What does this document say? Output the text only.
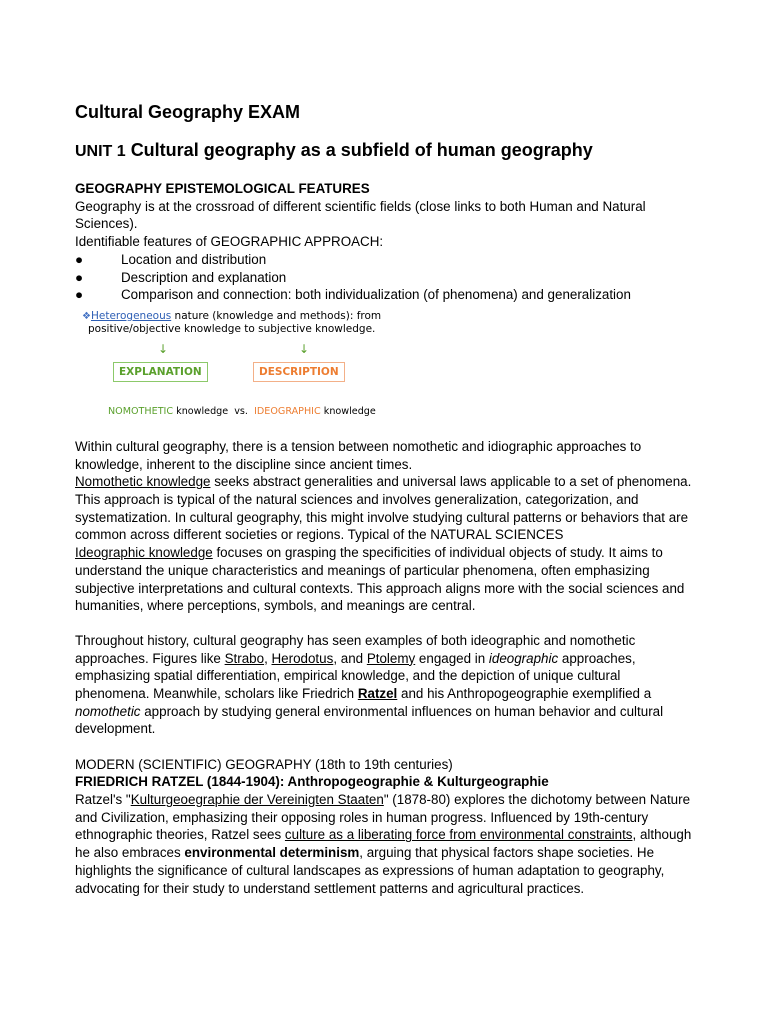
Cultural Geography EXAM
UNIT 1 Cultural geography as a subfield of human geography

GEOGRAPHY EPISTEMOLOGICAL FEATURES

Geography is at the crossroad of different scientific fields (close links to both Human and Natural Sciences).

Identifiable features of GEOGRAPHIC APPROACH:

●	Location and distribution
●	Description and explanation
●	Comparison and connection: both individualization (of phenomena) and generalization
❖Heterogeneous nature (knowledge and methods): from
positive/objective knowledge to subjective knowledge.
↓	↓
EXPLANATION	DESCRIPTION
NOMOTHETIC knowledge  vs.  IDEOGRAPHIC knowledge

Within cultural geography, there is a tension between nomothetic and idiographic approaches to knowledge, inherent to the discipline since ancient times.

Nomothetic knowledge seeks abstract generalities and universal laws applicable to a set of phenomena. This approach is typical of the natural sciences and involves generalization, categorization, and systematization. In cultural geography, this might involve studying cultural patterns or behaviors that are common across different societies or regions. Typical of the NATURAL SCIENCES

Ideographic knowledge focuses on grasping the specificities of individual objects of study. It aims to understand the unique characteristics and meanings of particular phenomena, often emphasizing subjective interpretations and cultural contexts. This approach aligns more with the social sciences and humanities, where perceptions, symbols, and meanings are central.

Throughout history, cultural geography has seen examples of both ideographic and nomothetic approaches. Figures like Strabo, Herodotus, and Ptolemy engaged in ideographic approaches, emphasizing spatial differentiation, empirical knowledge, and the depiction of unique cultural phenomena. Meanwhile, scholars like Friedrich Ratzel and his Anthropogeographie exemplified a nomothetic approach by studying general environmental influences on human behavior and cultural development.

MODERN (SCIENTIFIC) GEOGRAPHY (18th to 19th centuries)

FRIEDRICH RATZEL (1844-1904): Anthropogeographie & Kulturgeographie

Ratzel's "Kulturgeoegraphie der Vereinigten Staaten" (1878-80) explores the dichotomy between Nature and Civilization, emphasizing their opposing roles in human progress. Influenced by 19th-century ethnographic theories, Ratzel sees culture as a liberating force from environmental constraints, although he also embraces environmental determinism, arguing that physical factors shape societies. He highlights the significance of cultural landscapes as expressions of human adaptation to geography, advocating for their study to understand settlement patterns and agricultural practices.
